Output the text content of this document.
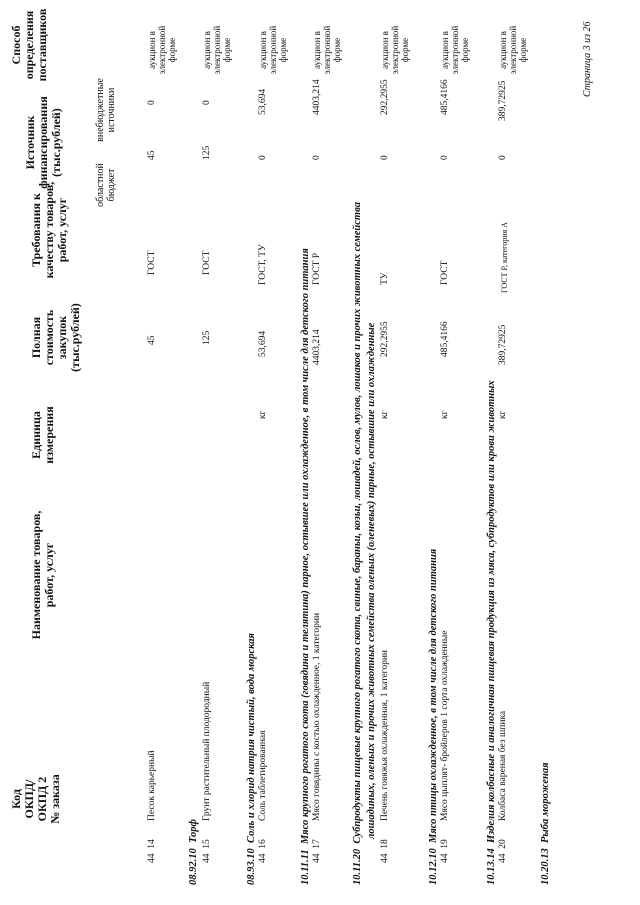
Код ОКПД/ ОКПД 2 № заказа
Наименование товаров, работ, услуг
Единица измерения
Полная стоимость закупок (тыс.рублей)
Требования к качеству товаров, работ, услуг
Источник финансирования (тыс.рублей)
областной бюджет
внебюджетные источники
Способ определения поставщиков
44  14
Песок карьерный
45
ГОСТ
45
0
аукцион в электронной форме
08.92.10  Торф
44  15
Грунт растительный плодородный
125
ГОСТ
125
0
аукцион в электронной форме
08.93.10  Соль и хлорид натрия чистый, вода морская
44  16
Соль таблетированная
кг
53,694
ГОСТ, ТУ
0
53,694
аукцион в электронной форме
10.11.11  Мясо крупного рогатого скота (говядина и телятина) парное, остывшее или охлажденное, в том числе для детского питания
44  17
Мясо говядины с костью охлажденное, 1 категории
4403,214
ГОСТ Р
0
4403,214
аукцион в электронной форме
10.11.20  Субпродукты пищевые крупного рогатого скота, свиные, бараньи, козьи, лошадей, ослов, мулов, лошаков и прочих животных семейства лошадиных, оленьих и прочих животных семейства оленьих (оленевых) парные, остывшие или охлажденные
44  18
Печень говяжья охлажденная, 1 категории
кг
292,2955
ТУ
0
292,2955
аукцион в электронной форме
10.12.10  Мясо птицы охлажденное, в том числе для детского питания
44  19
Мясо цыплят- бройлеров 1 сорта охлажденные
кг
485,4166
ГОСТ
0
485,4166
аукцион в электронной форме
10.13.14  Изделия колбасные и аналогичная пищевая продукция из мяса, субпродуктов или крови животных
44  20
Колбаса вареная без шпика
кг
389,72925
ГОСТ Р, категория А
0
389,72925
аукцион в электронной форме
10.20.13  Рыба мороженая
Страница 3 из 26
